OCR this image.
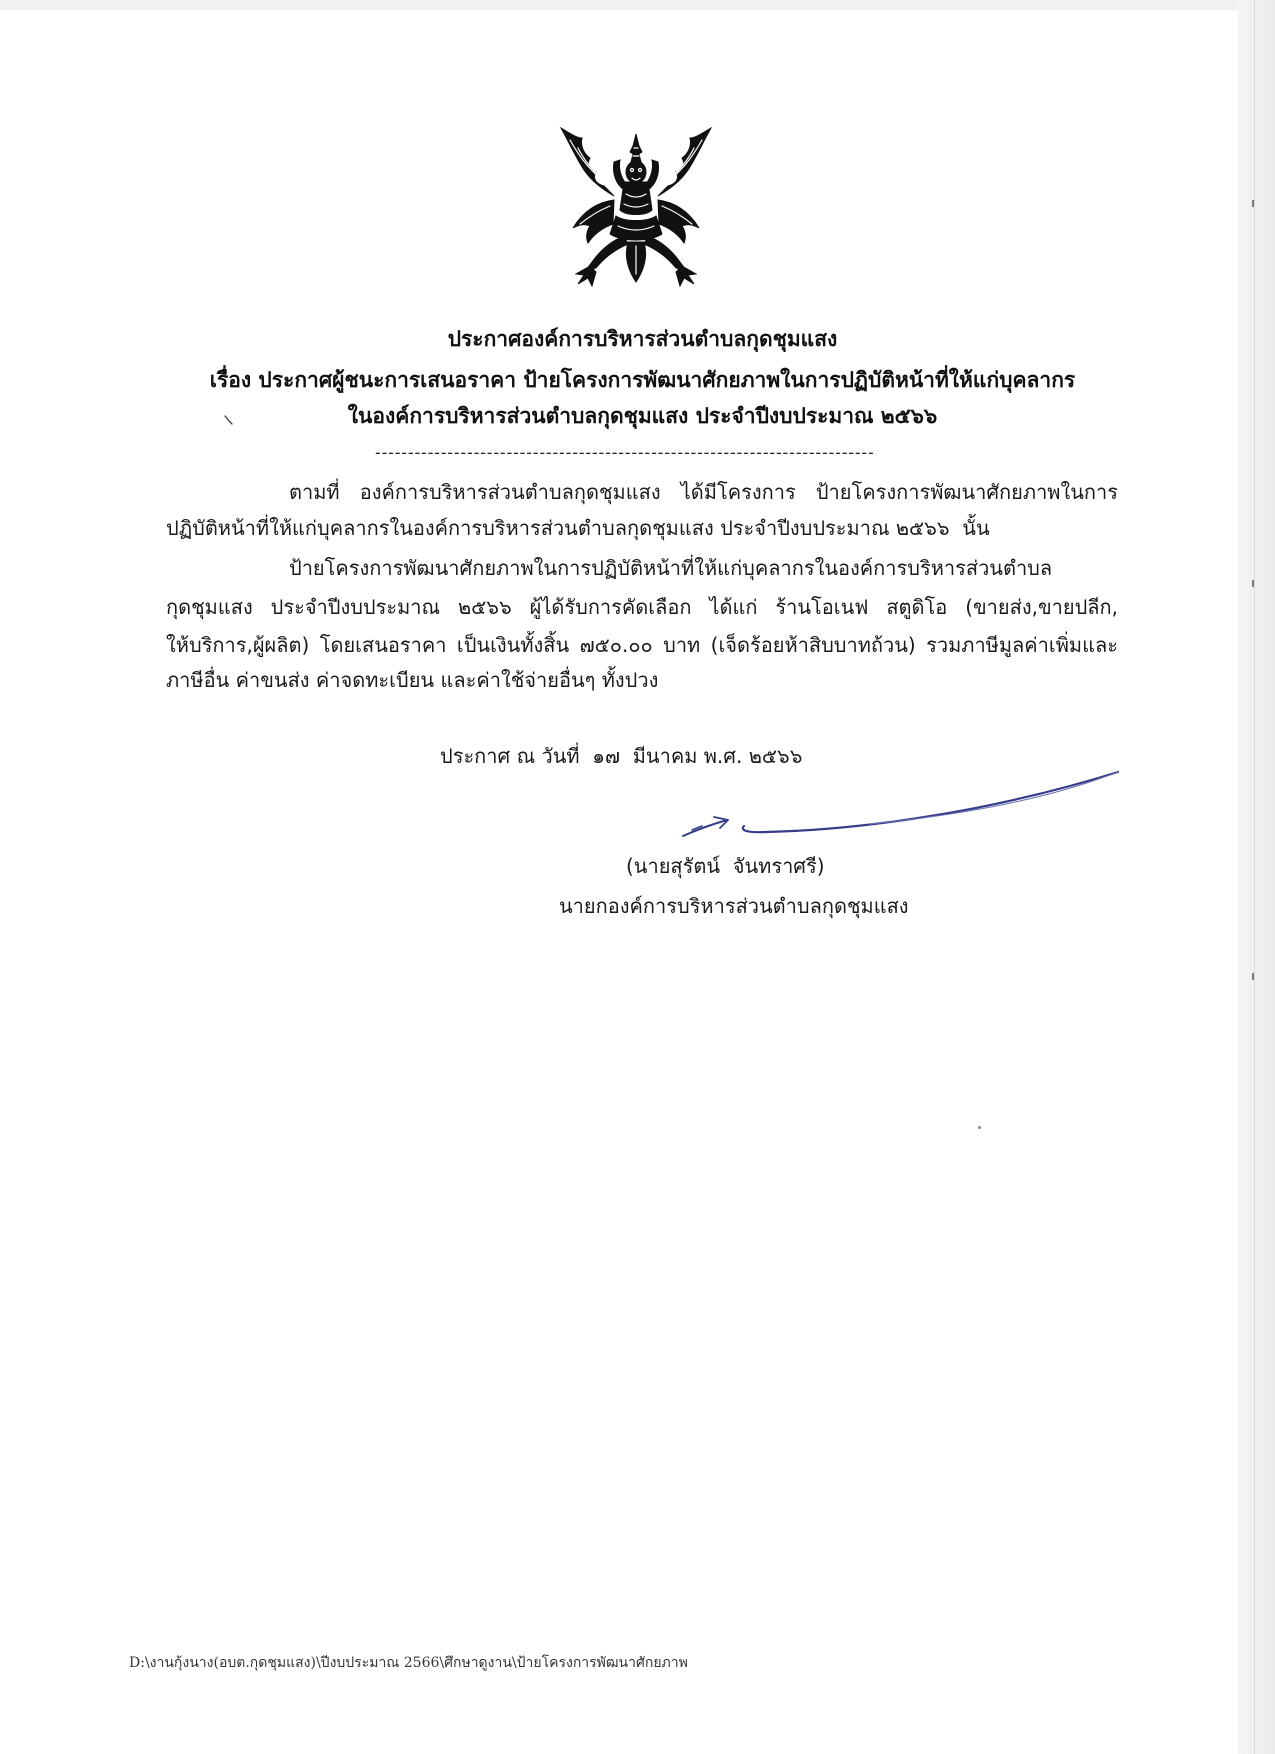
ประกาศองค์การบริหารส่วนตำบลกุดชุมแสง
เรื่อง ประกาศผู้ชนะการเสนอราคา ป้ายโครงการพัฒนาศักยภาพในการปฏิบัติหน้าที่ให้แก่บุคลากร
ในองค์การบริหารส่วนตำบลกุดชุมแสง ประจำปีงบประมาณ ๒๕๖๖
----------------------------------------------------------------------------
ตามที่ องค์การบริหารส่วนตำบลกุดชุมแสง ได้มีโครงการ ป้ายโครงการพัฒนาศักยภาพในการ
ปฏิบัติหน้าที่ให้แก่บุคลากรในองค์การบริหารส่วนตำบลกุดชุมแสง ประจำปีงบประมาณ ๒๕๖๖  นั้น
ป้ายโครงการพัฒนาศักยภาพในการปฏิบัติหน้าที่ให้แก่บุคลากรในองค์การบริหารส่วนตำบล
กุดชุมแสง ประจำปีงบประมาณ ๒๕๖๖ ผู้ได้รับการคัดเลือก ได้แก่ ร้านโอเนฟ สตูดิโอ (ขายส่ง,ขายปลีก,
ให้บริการ,ผู้ผลิต) โดยเสนอราคา เป็นเงินทั้งสิ้น ๗๕๐.๐๐ บาท (เจ็ดร้อยห้าสิบบาทถ้วน) รวมภาษีมูลค่าเพิ่มและ
ภาษีอื่น ค่าขนส่ง ค่าจดทะเบียน และค่าใช้จ่ายอื่นๆ ทั้งปวง
ประกาศ ณ วันที่  ๑๗  มีนาคม พ.ศ. ๒๕๖๖
(นายสุรัตน์  จันทราศรี)
นายกองค์การบริหารส่วนตำบลกุดชุมแสง
D:\งานกุ้งนาง(อบต.กุดชุมแสง)\ปีงบประมาณ 2566\ศึกษาดูงาน\ป้ายโครงการพัฒนาศักยภาพ
